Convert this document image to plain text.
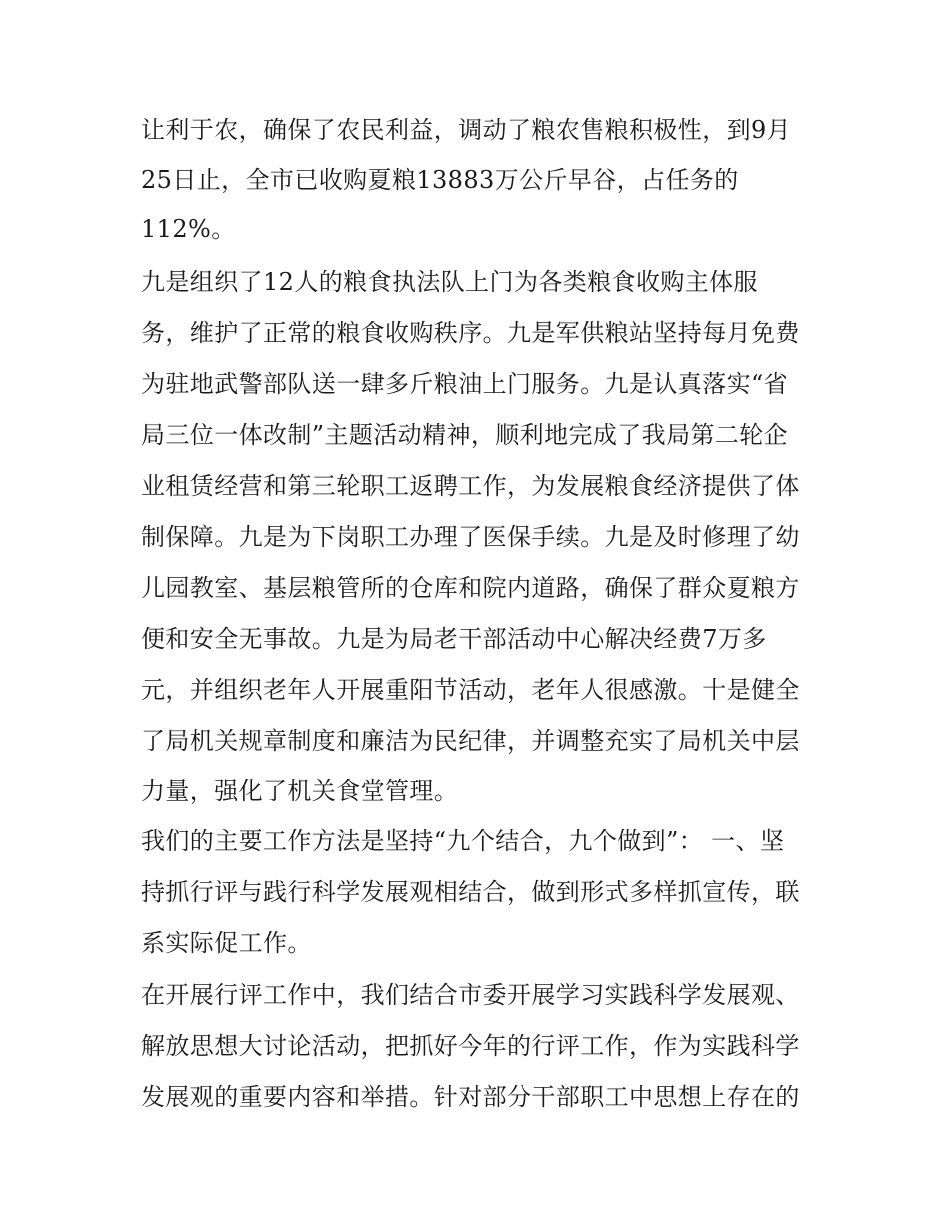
让利于农，确保了农民利益，调动了粮农售粮积极性，到9月
25日止，全市已收购夏粮13883万公斤早谷，占任务的
112%。
九是组织了12人的粮食执法队上门为各类粮食收购主体服
务，维护了正常的粮食收购秩序。九是军供粮站坚持每月免费
为驻地武警部队送一肆多斤粮油上门服务。九是认真落实“省
局三位一体改制”主题活动精神，顺利地完成了我局第二轮企
业租赁经营和第三轮职工返聘工作，为发展粮食经济提供了体
制保障。九是为下岗职工办理了医保手续。九是及时修理了幼
儿园教室、基层粮管所的仓库和院内道路，确保了群众夏粮方
便和安全无事故。九是为局老干部活动中心解决经费7万多
元，并组织老年人开展重阳节活动，老年人很感激。十是健全
了局机关规章制度和廉洁为民纪律，并调整充实了局机关中层
力量，强化了机关食堂管理。
我们的主要工作方法是坚持“九个结合，九个做到”： 一、坚
持抓行评与践行科学发展观相结合，做到形式多样抓宣传，联
系实际促工作。
在开展行评工作中，我们结合市委开展学习实践科学发展观、
解放思想大讨论活动，把抓好今年的行评工作，作为实践科学
发展观的重要内容和举措。针对部分干部职工中思想上存在的
